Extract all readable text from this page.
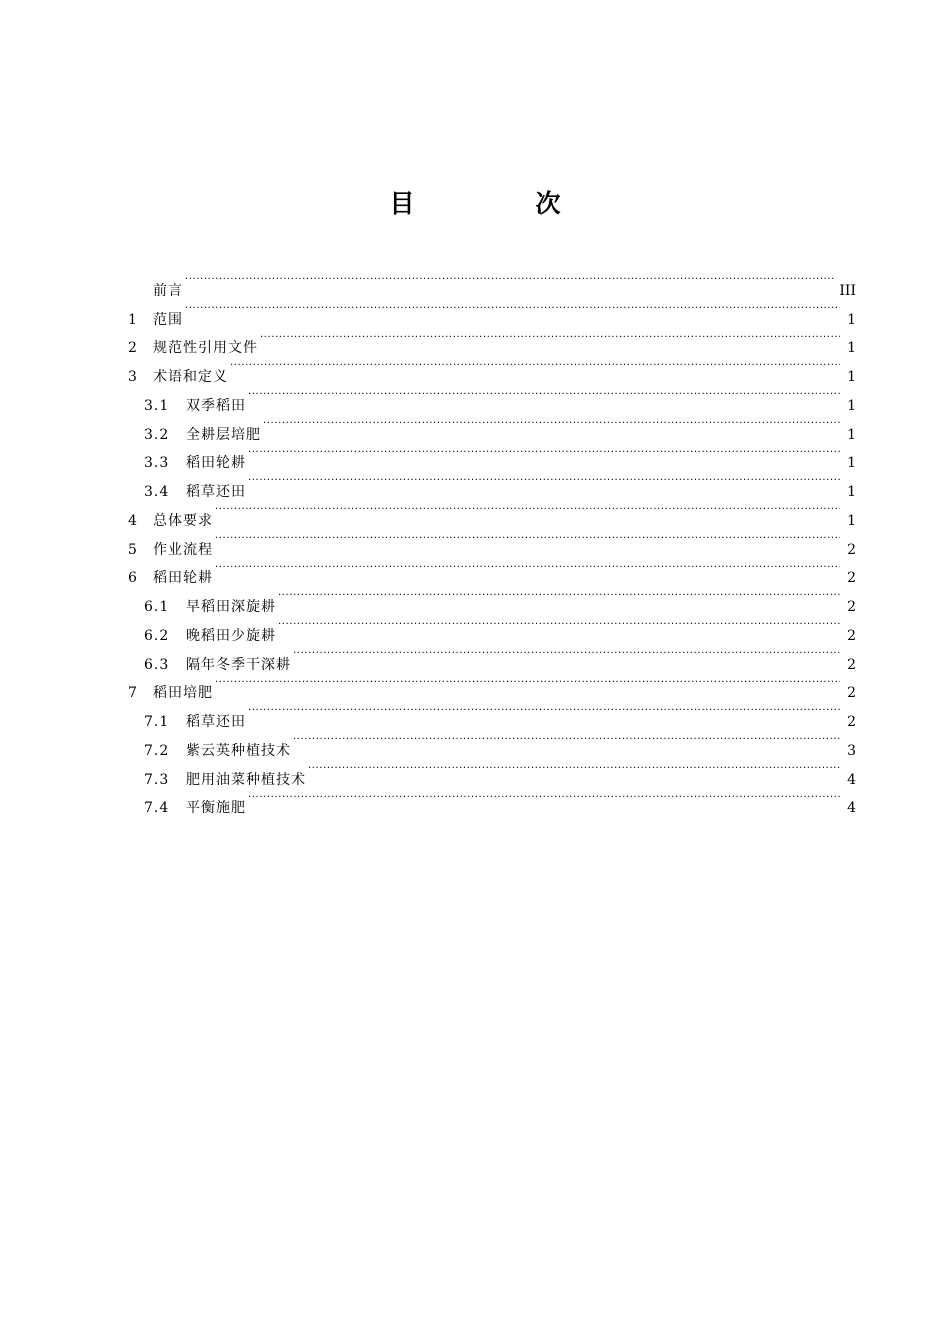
目　次
前言 ·····	III
1	范围 ·····	1
2	规范性引用文件 ·····	1
3	术语和定义 ·····	1
3.1	双季稻田 ·····	1
3.2	全耕层培肥 ·····	1
3.3	稻田轮耕 ·····	1
3.4	稻草还田 ·····	1
4	总体要求 ·····	1
5	作业流程 ·····	2
6	稻田轮耕 ·····	2
6.1	早稻田深旋耕 ·····	2
6.2	晚稻田少旋耕 ·····	2
6.3	隔年冬季干深耕 ·····	2
7	稻田培肥 ·····	2
7.1	稻草还田 ·····	2
7.2	紫云英种植技术 ·····	3
7.3	肥用油菜种植技术 ·····	4
7.4	平衡施肥 ·····	4
